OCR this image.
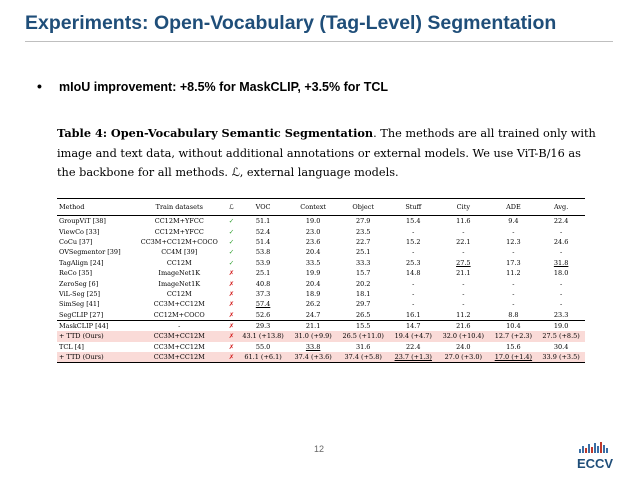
Experiments: Open-Vocabulary (Tag-Level) Segmentation
• mIoU improvement: +8.5% for MaskCLIP, +3.5% for TCL
Table 4: Open-Vocabulary Semantic Segmentation. The methods are all trained only with image and text data, without additional annotations or external models. We use ViT-B/16 as the backbone for all methods. ℒ, external language models.
Method	Train datasets	ℒ	VOC	Context	Object	Stuff	City	ADE	Avg.
GroupViT [38]	CC12M+YFCC	✓	51.1	19.0	27.9	15.4	11.6	9.4	22.4
ViewCo [33]	CC12M+YFCC	✓	52.4	23.0	23.5	-	-	-	-
CoCu [37]	CC3M+CC12M+COCO	✓	51.4	23.6	22.7	15.2	22.1	12.3	24.6
OVSegmentor [39]	CC4M [39]	✓	53.8	20.4	25.1	-	-	-	-
TagAlign [24]	CC12M	✓	53.9	33.5	33.3	25.3	27.5	17.3	31.8
ReCo [35]	ImageNet1K	✗	25.1	19.9	15.7	14.8	21.1	11.2	18.0
ZeroSeg [6]	ImageNet1K	✗	40.8	20.4	20.2	-	-	-	-
ViL-Seg [25]	CC12M	✗	37.3	18.9	18.1	-	-	-	-
SimSeg [41]	CC3M+CC12M	✗	57.4	26.2	29.7	-	-	-	-
SegCLIP [27]	CC12M+COCO	✗	52.6	24.7	26.5	16.1	11.2	8.8	23.3
MaskCLIP [44]	-	✗	29.3	21.1	15.5	14.7	21.6	10.4	19.0
+ TTD (Ours)	CC3M+CC12M	✗	43.1 (+13.8)	31.0 (+9.9)	26.5 (+11.0)	19.4 (+4.7)	32.0 (+10.4)	12.7 (+2.3)	27.5 (+8.5)
TCL [4]	CC3M+CC12M	✗	55.0	33.8	31.6	22.4	24.0	15.6	30.4
+ TTD (Ours)	CC3M+CC12M	✗	61.1 (+6.1)	37.4 (+3.6)	37.4 (+5.8)	23.7 (+1.3)	27.0 (+3.0)	17.0 (+1.4)	33.9 (+3.5)
12
ECCV
